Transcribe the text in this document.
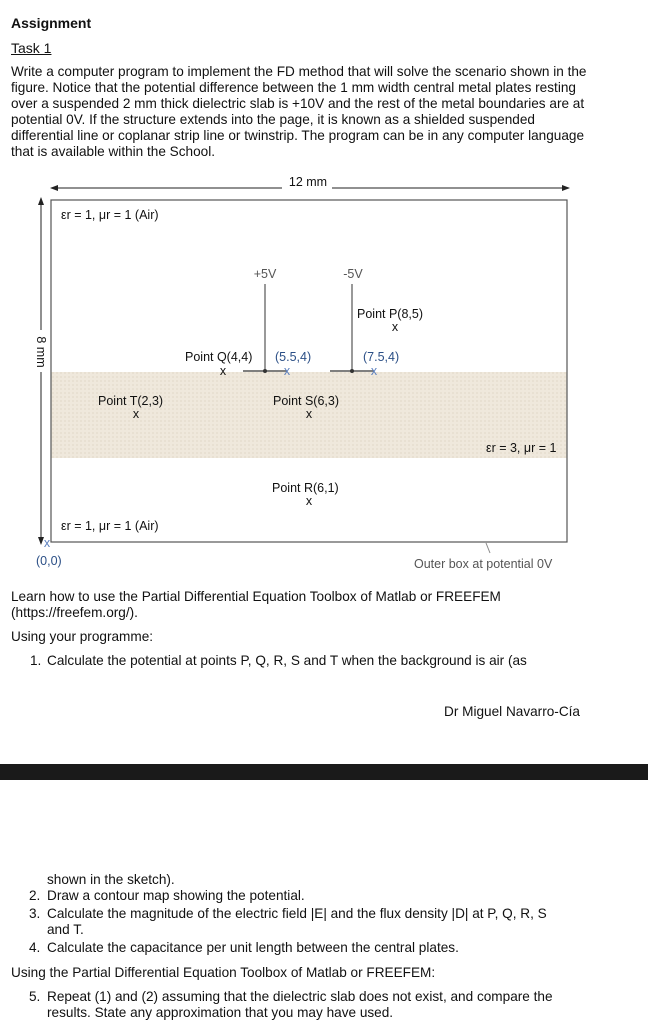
Assignment
Task 1
Write a computer program to implement the FD method that will solve the scenario shown in the figure. Notice that the potential difference between the 1 mm width central metal plates resting over a suspended 2 mm thick dielectric slab is +10V and the rest of the metal boundaries are at potential 0V. If the structure extends into the page, it is known as a shielded suspended differential line or coplanar strip line or twinstrip. The program can be in any computer language that is available within the School.
12 mm
8 mm
εr = 1, μr = 1 (Air)
εr = 1, μr = 1 (Air)
εr = 3, μr = 1
+5V	-5V
Point P(8,5)
x
Point Q(4,4)
x
(5.5,4)
x
(7.5,4)
x
Point T(2,3)
x
Point S(6,3)
x
Point R(6,1)
x
x
(0,0)	Outer box at potential 0V
Learn how to use the Partial Differential Equation Toolbox of Matlab or FREEFEM (https://freefem.org/).
Using your programme:
1. Calculate the potential at points P, Q, R, S and T when the background is air (as
Dr Miguel Navarro-Cía
shown in the sketch).
2. Draw a contour map showing the potential.
3. Calculate the magnitude of the electric field |E| and the flux density |D| at P, Q, R, S and T.
4. Calculate the capacitance per unit length between the central plates.
Using the Partial Differential Equation Toolbox of Matlab or FREEFEM:
5. Repeat (1) and (2) assuming that the dielectric slab does not exist, and compare the results. State any approximation that you may have used.
